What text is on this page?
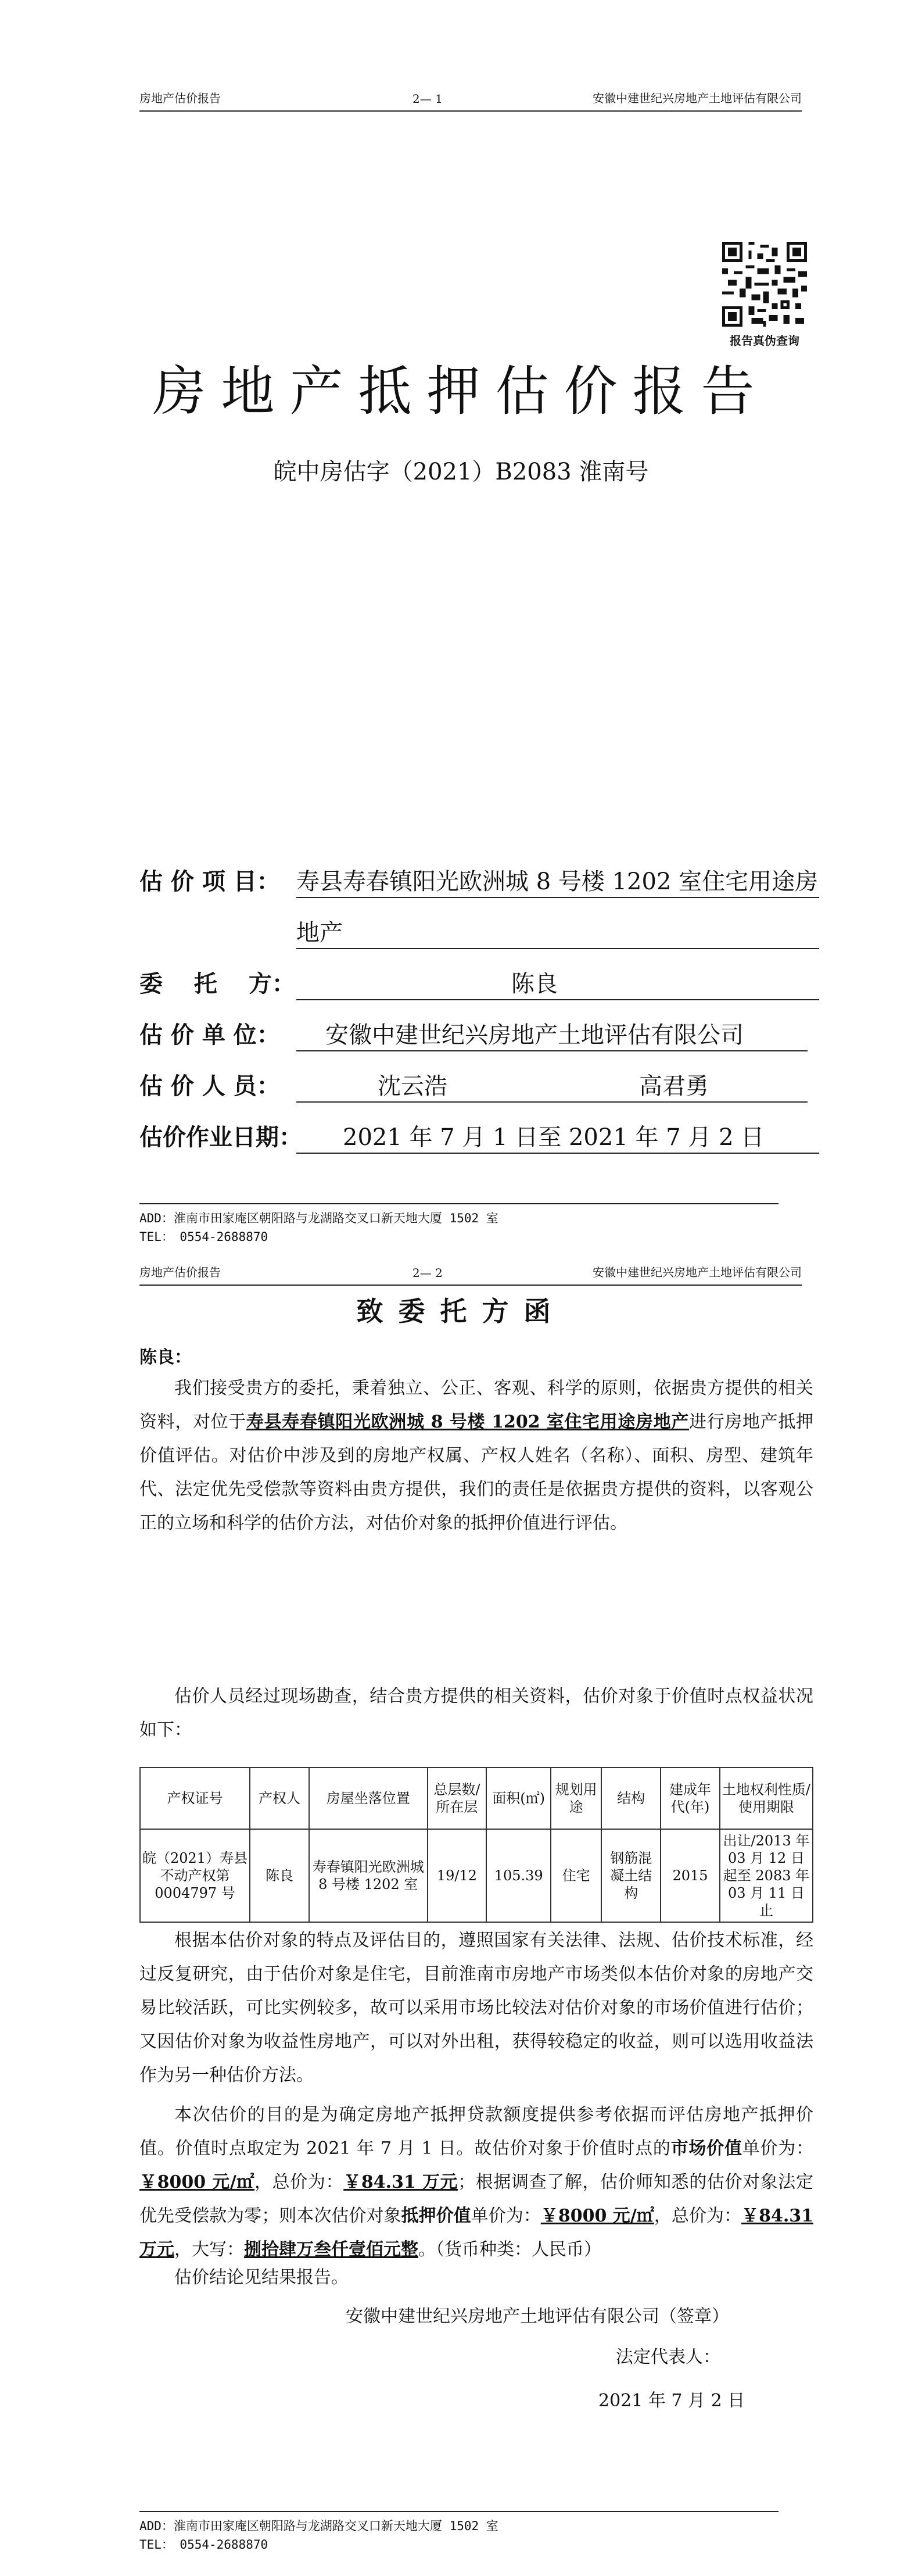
房地产估价报告	2— 1	安徽中建世纪兴房地产土地评估有限公司
报告真伪查询
房地产抵押估价报告
皖中房估字（2021）B2083 淮南号
估 价 项 目： 寿县寿春镇阳光欧洲城 8 号楼 1202 室住宅用途房
地产
委　 托　 方：	陈良
估 价 单 位： 安徽中建世纪兴房地产土地评估有限公司
估 价 人 员：	沈云浩	高君勇
估价作业日期： 2021 年 7 月 1 日至 2021 年 7 月 2 日
ADD：淮南市田家庵区朝阳路与龙湖路交叉口新天地大厦 1502 室
TEL：　0554-2688870
房地产估价报告	2— 2	安徽中建世纪兴房地产土地评估有限公司
致委托方函
陈良：
我们接受贵方的委托，秉着独立、公正、客观、科学的原则，依据贵方提供的相关资料，对位于寿县寿春镇阳光欧洲城 8 号楼 1202 室住宅用途房地产进行房地产抵押价值评估。对估价中涉及到的房地产权属、产权人姓名（名称）、面积、房型、建筑年代、法定优先受偿款等资料由贵方提供，我们的责任是依据贵方提供的资料，以客观公正的立场和科学的估价方法，对估价对象的抵押价值进行评估。
估价人员经过现场勘查，结合贵方提供的相关资料，估价对象于价值时点权益状况如下：
产权证号	产权人	房屋坐落位置	总层数/所在层	面积(㎡)	规划用途	结构	建成年代(年)	土地权利性质/使用期限
皖（2021）寿县不动产权第 0004797 号	陈良	寿春镇阳光欧洲城 8 号楼 1202 室	19/12	105.39	住宅	钢筋混凝土结构	2015	出让/2013 年 03 月 12 日起至 2083 年 03 月 11 日止
根据本估价对象的特点及评估目的，遵照国家有关法律、法规、估价技术标准，经过反复研究，由于估价对象是住宅，目前淮南市房地产市场类似本估价对象的房地产交易比较活跃，可比实例较多，故可以采用市场比较法对估价对象的市场价值进行估价；又因估价对象为收益性房地产，可以对外出租，获得较稳定的收益，则可以选用收益法作为另一种估价方法。
本次估价的目的是为确定房地产抵押贷款额度提供参考依据而评估房地产抵押价值。价值时点取定为 2021 年 7 月 1 日。故估价对象于价值时点的市场价值单价为：￥8000 元/㎡，总价为：￥84.31 万元；根据调查了解，估价师知悉的估价对象法定优先受偿款为零；则本次估价对象抵押价值单价为：￥8000 元/㎡，总价为：￥84.31 万元，大写：捌拾肆万叁仟壹佰元整。（货币种类：人民币）
估价结论见结果报告。
安徽中建世纪兴房地产土地评估有限公司（签章）
法定代表人：
2021 年 7 月 2 日
ADD：淮南市田家庵区朝阳路与龙湖路交叉口新天地大厦 1502 室
TEL：　0554-2688870
